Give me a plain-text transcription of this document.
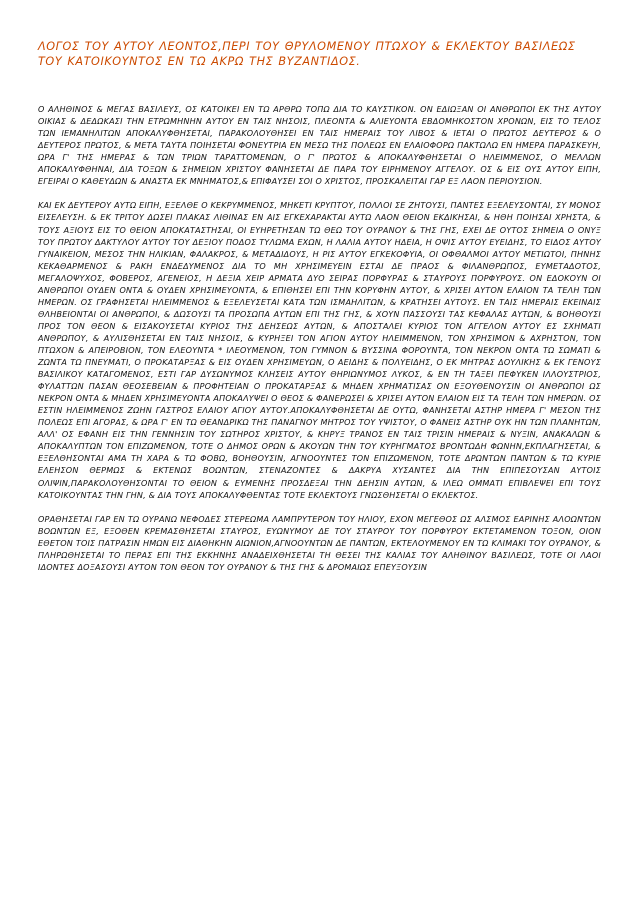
ΛΟΓΟΣ ΤΟΥ ΑΥΤΟΥ ΛΕΟΝΤΟΣ,ΠΕΡΙ ΤΟΥ ΘΡΥΛΟΜΕΝΟΥ ΠΤΩΧΟΥ & ΕΚΛΕΚΤΟΥ ΒΑΣΙΛΕΩΣ ΤΟΥ ΚΑΤΟΙΚΟΥΝΤΟΣ ΕΝ ΤΩ ΑΚΡΩ ΤΗΣ ΒΥΖΑΝΤΙΔΟΣ.

Ο ΑΛΗΘΙΝΟΣ & ΜΕΓΑΣ ΒΑΣΙΛΕΥΣ, ΟΣ ΚΑΤΟΙΚΕΙ ΕΝ ΤΩ ΑΡΘΡΩ ΤΟΠΩ ΔΙΑ ΤΟ ΚΑΥΣΤΙΚΟΝ. ΟΝ ΕΔΙΩΞΑΝ ΟΙ ΑΝΘΡΩΠΟΙ ΕΚ ΤΗΣ ΑΥΤΟΥ ΟΙΚΙΑΣ & ΔΕΔΩΚΑΣΙ ΤΗΝ ΕΤΡΩΜΗΝΗΝ ΑΥΤΟΥ ΕΝ ΤΑΙΣ ΝΗΣΟΙΣ, ΠΛΕΟΝΤΑ & ΑΛΙΕΥΟΝΤΑ ΕΒΔΟΜΗΚΟΣΤΟΝ ΧΡΟΝΩΝ, ΕΙΣ ΤΟ ΤΕΛΟΣ ΤΩΝ ΙΕΜΑΝΗΛΙΤΩΝ ΑΠΟΚΑΛΥΦΘΗΣΕΤΑΙ, ΠΑΡΑΚΟΛΟΥΘΗΣΕΙ ΕΝ ΤΑΙΣ ΗΜΕΡΑΙΣ ΤΟΥ ΛΙΒΟΣ & ΙΕΤΑΙ Ο ΠΡΩΤΟΣ ΔΕΥΤΕΡΟΣ & Ο ΔΕΥΤΕΡΟΣ ΠΡΩΤΟΣ, & ΜΕΤΑ ΤΑΥΤΑ ΠΟΙΗΣΕΤΑΙ ΦΟΝΕΥΤΡΙΑ ΕΝ ΜΕΣΩ ΤΗΣ ΠΟΛΕΩΣ ΕΝ ΕΛΑΙΟΦΟΡΩ ΠΑΚΤΩΛΩ ΕΝ ΗΜΕΡΑ ΠΑΡΑΣΚΕΥΗ, ΩΡΑ Γ' ΤΗΣ ΗΜΕΡΑΣ & ΤΩΝ ΤΡΙΩΝ ΤΑΡΑΤΤΟΜΕΝΩΝ, Ο Γ' ΠΡΩΤΟΣ & ΑΠΟΚΑΛΥΦΘΗΣΕΤΑΙ Ο ΗΛΕΙΜΜΕΝΟΣ, Ο ΜΕΛΛΩΝ ΑΠΟΚΑΛΥΦΘΗΝΑΙ, ΔΙΑ ΤΟΞΩΝ & ΣΗΜΕΙΩΝ ΧΡΙΣΤΟΥ ΦΑΝΗΣΕΤΑΙ ΔΕ ΠΑΡΑ ΤΟΥ ΕΙΡΗΜΕΝΟΥ ΑΓΓΕΛΟΥ. ΟΣ & ΕΙΣ ΟΥΣ ΑΥΤΟΥ ΕΙΠΗ, ΕΓΕΙΡΑΙ Ο ΚΑΘΕΥΔΩΝ & ΑΝΑΣΤΑ ΕΚ ΜΝΗΜΑΤΟΣ,& ΕΠΙΦΑΥΣΕΙ ΣΟΙ Ο ΧΡΙΣΤΟΣ, ΠΡΟΣΚΑΛΕΙΤΑΙ ΓΑΡ ΕΞ ΛΑΟΝ ΠΕΡΙΟΥΣΙΟΝ.

ΚΑΙ ΕΚ ΔΕΥΤΕΡΟΥ ΑΥΤΩ ΕΙΠΗ, ΕΞΕΛΘΕ Ο ΚΕΚΡΥΜΜΕΝΟΣ, ΜΗΚΕΤΙ ΚΡΥΠΤΟΥ, ΠΟΛΛΟΙ ΣΕ ΖΗΤΟΥΣΙ, ΠΑΝΤΕΣ ΕΞΕΛΕΥΣΟΝΤΑΙ, ΣΥ ΜΟΝΟΣ ΕΙΣΕΛΕΥΣΗ. & ΕΚ ΤΡΙΤΟΥ ΔΩΣΕΙ ΠΛΑΚΑΣ ΛΙΘΙΝΑΣ ΕΝ ΑΙΣ ΕΓΚΕΧΑΡΑΚΤΑΙ ΑΥΤΩ ΛΑΟΝ ΘΕΙΟΝ ΕΚΔΙΚΗΣΑΙ, & ΗΘΗ ΠΟΙΗΣΑΙ ΧΡΗΣΤΑ, & ΤΟΥΣ ΑΞΙΟΥΣ ΕΙΣ ΤΟ ΘΕΙΟΝ ΑΠΟΚΑΤΑΣΤΗΣΑΙ, ΟΙ ΕΥΗΡΕΤΗΣΑΝ ΤΩ ΘΕΩ ΤΟΥ ΟΥΡΑΝΟΥ & ΤΗΣ ΓΗΣ, ΕΧΕΙ ΔΕ ΟΥΤΟΣ ΣΗΜΕΙΑ Ο ΟΝΥΞ ΤΟΥ ΠΡΩΤΟΥ ΔΑΚΤΥΛΟΥ ΑΥΤΟΥ ΤΟΥ ΔΕΞΙΟΥ ΠΟΔΟΣ ΤΥΛΩΜΑ ΕΧΩΝ, Η ΛΑΛΙΑ ΑΥΤΟΥ ΗΔΕΙΑ, Η ΟΨΙΣ ΑΥΤΟΥ ΕΥΕΙΔΗΣ, ΤΟ ΕΙΔΟΣ ΑΥΤΟΥ ΓΥΝΑΙΚΕΙΟΝ, ΜΕΣΟΣ ΤΗΝ ΗΛΙΚΙΑΝ, ΦΑΛΑΚΡΟΣ, & ΜΕΤΑΔΙΔΟΥΣ, Η ΡΙΣ ΑΥΤΟΥ ΕΓΚΕΚΟΦΥΙΑ, ΟΙ ΟΦΘΑΛΜΟΙ ΑΥΤΟΥ ΜΕΤΙΩΤΟΙ, ΠΗΝΗΣ ΚΕΚΑΘΑΡΜΕΝΟΣ & ΡΑΚΗ ΕΝΔΕΔΥΜΕΝΟΣ ΔΙΑ ΤΟ ΜΗ ΧΡΗΣΙΜΕΥΕΙΝ ΕΣΤΑΙ ΔΕ ΠΡΑΟΣ & ΦΙΛΑΝΘΡΩΠΟΣ, ΕΥΜΕΤΑΔΟΤΟΣ, ΜΕΓΑΛΟΨΥΧΟΣ, ΦΟΒΕΡΟΣ, ΑΓΕΝΕΙΟΣ, Η ΔΕΞΙΑ ΧΕΙΡ ΑΡΜΑΤΑ ΔΥΟ ΣΕΙΡΑΣ ΠΟΡΦΥΡΑΣ & ΣΤΑΥΡΟΥΣ ΠΟΡΦΥΡΟΥΣ. ΟΝ ΕΔΟΚΟΥΝ ΟΙ ΑΝΘΡΩΠΟΙ ΟΥΔΕΝ ΟΝΤΑ & ΟΥΔΕΝ ΧΡΗΣΙΜΕΥΟΝΤΑ, & ΕΠΙΘΗΣΕΙ ΕΠΙ ΤΗΝ ΚΟΡΥΦΗΝ ΑΥΤΟΥ, & ΧΡΙΣΕΙ ΑΥΤΟΝ ΕΛΑΙΟΝ ΤΑ ΤΕΛΗ ΤΩΝ ΗΜΕΡΩΝ. ΟΣ ΓΡΑΦΗΣΕΤΑΙ ΗΛΕΙΜΜΕΝΟΣ & ΕΞΕΛΕΥΣΕΤΑΙ ΚΑΤΑ ΤΩΝ ΙΣΜΑΗΛΙΤΩΝ, & ΚΡΑΤΗΣΕΙ ΑΥΤΟΥΣ. ΕΝ ΤΑΙΣ ΗΜΕΡΑΙΣ ΕΚΕΙΝΑΙΣ ΘΛΗΒΕΙΟΝΤΑΙ ΟΙ ΑΝΘΡΩΠΟΙ, & ΔΩΣΟΥΣΙ ΤΑ ΠΡΟΣΩΠΑ ΑΥΤΩΝ ΕΠΙ ΤΗΣ ΓΗΣ, & ΧΟΥΝ ΠΑΣΣΟΥΣΙ ΤΑΣ ΚΕΦΑΛΑΣ ΑΥΤΩΝ, & ΒΟΗΘΟΥΣΙ ΠΡΟΣ ΤΟΝ ΘΕΟΝ & ΕΙΣΑΚΟΥΣΕΤΑΙ ΚΥΡΙΟΣ ΤΗΣ ΔΕΗΣΕΩΣ ΑΥΤΩΝ, & ΑΠΟΣΤΑΛΕΙ ΚΥΡΙΟΣ ΤΟΝ ΑΓΓΕΛΟΝ ΑΥΤΟΥ ΕΣ ΣΧΗΜΑΤΙ ΑΝΘΡΩΠΟΥ, & ΑΥΛΙΣΘΗΣΕΤΑΙ ΕΝ ΤΑΙΣ ΝΗΣΟΙΣ, & ΚΥΡΗΞΕΙ ΤΟΝ ΑΓΙΟΝ ΑΥΤΟΥ ΗΛΕΙΜΜΕΝΟΝ, ΤΟΝ ΧΡΗΣΙΜΟΝ & ΑΧΡΗΣΤΟΝ, ΤΟΝ ΠΤΩΧΟΝ & ΑΠΕΙΡΟΒΙΟΝ, ΤΟΝ ΕΛΕΟΥΝΤΑ * ΙΛΕΟΥΜΕΝΟΝ, ΤΟΝ ΓΥΜΝΟΝ & ΒΥΣΣΙΝΑ ΦΟΡΟΥΝΤΑ, ΤΟΝ ΝΕΚΡΟΝ ΟΝΤΑ ΤΩ ΣΩΜΑΤΙ & ΖΩΝΤΑ ΤΩ ΠΝΕΥΜΑΤΙ, Ο ΠΡΟΚΑΤΑΡΞΑΣ & ΕΙΣ ΟΥΔΕΝ ΧΡΗΣΙΜΕΥΩΝ, Ο ΑΕΙΔΗΣ & ΠΟΛΥΕΙΔΗΣ, Ο ΕΚ ΜΗΤΡΑΣ ΔΟΥΛΙΚΗΣ & ΕΚ ΓΕΝΟΥΣ ΒΑΣΙΛΙΚΟΥ ΚΑΤΑΓΟΜΕΝΟΣ, ΕΣΤΙ ΓΑΡ ΔΥΣΩΝΥΜΟΣ ΚΛΗΣΕΙΣ ΑΥΤΟΥ ΘΗΡΙΩΝΥΜΟΣ ΛΥΚΟΣ, & ΕΝ ΤΗ ΤΑΞΕΙ ΠΕΦΥΚΕΝ ΙΛΛΟΥΣΤΡΙΟΣ, ΦΥΛΑΤΤΩΝ ΠΑΣΑΝ ΘΕΟΣΕΒΕΙΑΝ & ΠΡΟΦΗΤΕΙΑΝ Ο ΠΡΟΚΑΤΑΡΞΑΣ & ΜΗΔΕΝ ΧΡΗΜΑΤΙΣΑΣ ΟΝ ΕΞΟΥΘΕΝΟΥΣΙΝ ΟΙ ΑΝΘΡΩΠΟΙ ΩΣ ΝΕΚΡΟΝ ΟΝΤΑ & ΜΗΔΕΝ ΧΡΗΣΙΜΕΥΟΝΤΑ ΑΠΟΚΑΛΥΨΕΙ Ο ΘΕΟΣ & ΦΑΝΕΡΩΣΕΙ & ΧΡΙΣΕΙ ΑΥΤΟΝ ΕΛΑΙΟΝ ΕΙΣ ΤΑ ΤΕΛΗ ΤΩΝ ΗΜΕΡΩΝ. ΟΣ ΕΣΤΙΝ ΗΛΕΙΜΜΕΝΟΣ ΖΩΗΝ ΓΑΣΤΡΟΣ ΕΛΑΙΟΥ ΑΓΙΟΥ ΑΥΤΟΥ.ΑΠΟΚΑΛΥΦΘΗΣΕΤΑΙ ΔΕ ΟΥΤΩ, ΦΑΝΗΣΕΤΑΙ ΑΣΤΗΡ ΗΜΕΡΑ Γ' ΜΕΣΟΝ ΤΗΣ ΠΟΛΕΩΣ ΕΠΙ ΑΓΟΡΑΣ, & ΩΡΑ Γ' ΕΝ ΤΩ ΘΕΑΝΔΡΙΚΩ ΤΗΣ ΠΑΝΑΓΝΟΥ ΜΗΤΡΟΣ ΤΟΥ ΥΨΙΣΤΟΥ, Ο ΦΑΝΕΙΣ ΑΣΤΗΡ ΟΥΚ ΗΝ ΤΩΝ ΠΛΑΝΗΤΩΝ, ΑΛΛ' ΟΣ ΕΦΑΝΗ ΕΙΣ ΤΗΝ ΓΕΝΝΗΣΙΝ ΤΟΥ ΣΩΤΗΡΟΣ ΧΡΙΣΤΟΥ, & ΚΗΡΥΞ ΤΡΑΝΟΣ ΕΝ ΤΑΙΣ ΤΡΙΣΙΝ ΗΜΕΡΑΙΣ & ΝΥΞΙΝ, ΑΝΑΚΑΛΩΝ & ΑΠΟΚΑΛΥΠΤΩΝ ΤΟΝ ΕΠΙΖΩΜΕΝΟΝ, ΤΟΤΕ Ο ΔΗΜΟΣ ΟΡΩΝ & ΑΚΟΥΩΝ ΤΗΝ ΤΟΥ ΚΥΡΗΓΜΑΤΟΣ ΒΡΟΝΤΩΔΗ ΦΩΝΗΝ,ΕΚΠΛΑΓΗΣΕΤΑΙ, & ΕΞΕΛΘΗΣΟΝΤΑΙ ΑΜΑ ΤΗ ΧΑΡΑ & ΤΩ ΦΟΒΩ, ΒΟΗΘΟΥΣΙΝ, ΑΓΝΟΟΥΝΤΕΣ ΤΟΝ ΕΠΙΖΩΜΕΝΟΝ, ΤΟΤΕ ΔΡΩΝΤΩΝ ΠΑΝΤΩΝ & ΤΩ ΚΥΡΙΕ ΕΛΕΗΣΟΝ ΘΕΡΜΩΣ & ΕΚΤΕΝΩΣ ΒΟΩΝΤΩΝ, ΣΤΕΝΑΖΟΝΤΕΣ & ΔΑΚΡΥΑ ΧΥΣΑΝΤΕΣ ΔΙΑ ΤΗΝ ΕΠΙΠΕΣΟΥΣΑΝ ΑΥΤΟΙΣ ΟΛΙΨΙΝ,ΠΑΡΑΚΟΛΟΥΘΗΣΟΝΤΑΙ ΤΟ ΘΕΙΟΝ & ΕΥΜΕΝΗΣ ΠΡΟΣΔΕΞΑΙ ΤΗΝ ΔΕΗΣΙΝ ΑΥΤΩΝ, & ΙΛΕΩ ΟΜΜΑΤΙ ΕΠΙΒΛΕΨΕΙ ΕΠΙ ΤΟΥΣ ΚΑΤΟΙΚΟΥΝΤΑΣ ΤΗΝ ΓΗΝ, & ΔΙΑ ΤΟΥΣ ΑΠΟΚΑΛΥΦΘΕΝΤΑΣ ΤΟΤΕ ΕΚΛΕΚΤΟΥΣ ΓΝΩΣΘΗΣΕΤΑΙ Ο ΕΚΛΕΚΤΟΣ.

ΟΡΑΘΗΣΕΤΑΙ ΓΑΡ ΕΝ ΤΩ ΟΥΡΑΝΩ ΝΕΦΟΔΕΣ ΣΤΕΡΕΩΜΑ ΛΑΜΠΡΥΤΕΡΟΝ ΤΟΥ ΗΛΙΟΥ, ΕΧΟΝ ΜΕΓΕΘΟΣ ΩΣ ΑΛΣΜΟΣ ΕΑΡΙΝΗΣ ΑΛΟΩΝΤΩΝ ΒΟΩΝΤΩΝ ΕΞ, ΕΞΟΘΕΝ ΚΡΕΜΑΣΘΗΣΕΤΑΙ ΣΤΑΥΡΟΣ, ΕΥΩΝΥΜΟΥ ΔΕ ΤΟΥ ΣΤΑΥΡΟΥ ΤΟΥ ΠΟΡΦΥΡΟΥ ΕΚΤΕΤΑΜΕΝΟΝ ΤΟΞΟΝ, ΟΙΟΝ ΕΘΕΤΟΝ ΤΟΙΣ ΠΑΤΡΑΣΙΝ ΗΜΩΝ ΕΙΣ ΔΙΑΘΗΚΗΝ ΑΙΩΝΙΟΝ,ΑΓΝΟΟΥΝΤΩΝ ΔΕ ΠΑΝΤΩΝ, ΕΚΤΕΛΟΥΜΕΝΟΥ ΕΝ ΤΩ ΚΛΙΜΑΚΙ ΤΟΥ ΟΥΡΑΝΟΥ, & ΠΛΗΡΩΘΗΣΕΤΑΙ ΤΟ ΠΕΡΑΣ ΕΠΙ ΤΗΣ ΕΚΚΗΝΗΣ ΑΝΑΔΕΙΧΘΗΣΕΤΑΙ ΤΗ ΘΕΣΕΙ ΤΗΣ ΚΑΛΙΑΣ ΤΟΥ ΑΛΗΘΙΝΟΥ ΒΑΣΙΛΕΩΣ, ΤΟΤΕ ΟΙ ΛΑΟΙ ΙΔΟΝΤΕΣ ΔΟΞΑΣΟΥΣΙ ΑΥΤΟΝ ΤΟΝ ΘΕΟΝ ΤΟΥ ΟΥΡΑΝΟΥ & ΤΗΣ ΓΗΣ & ΔΡΟΜΑΙΩΣ ΕΠΕΥΞΟΥΣΙΝ
